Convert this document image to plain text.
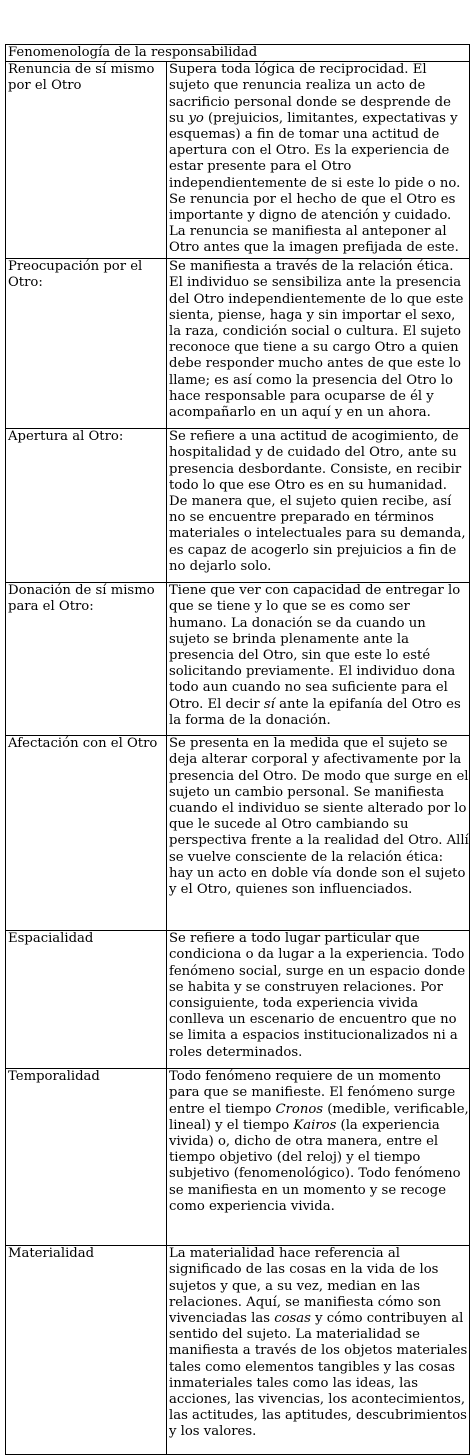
Fenomenología de la responsabilidad	
Renuncia de sí mismo por el Otro	Supera toda lógica de reciprocidad. El sujeto que renuncia realiza un acto de sacrificio personal donde se desprende de su yo (prejuicios, limitantes, expectativas y esquemas) a fin de tomar una actitud de apertura con el Otro. Es la experiencia de estar presente para el Otro independientemente de si este lo pide o no. Se renuncia por el hecho de que el Otro es importante y digno de atención y cuidado. La renuncia se manifiesta al anteponer al Otro antes que la imagen prefijada de este.
Preocupación por el Otro:	Se manifiesta a través de la relación ética. El individuo se sensibiliza ante la presencia del Otro independientemente de lo que este sienta, piense, haga y sin importar el sexo, la raza, condición social o cultura. El sujeto reconoce que tiene a su cargo Otro a quien debe responder mucho antes de que este lo llame; es así como la presencia del Otro lo hace responsable para ocuparse de él y acompañarlo en un aquí y en un ahora.
Apertura al Otro:	Se refiere a una actitud de acogimiento, de hospitalidad y de cuidado del Otro, ante su presencia desbordante. Consiste, en recibir todo lo que ese Otro es en su humanidad. De manera que, el sujeto quien recibe, así no se encuentre preparado en términos materiales o intelectuales para su demanda, es capaz de acogerlo sin prejuicios a fin de no dejarlo solo.
Donación de sí mismo para el Otro:	Tiene que ver con capacidad de entregar lo que se tiene y lo que se es como ser humano. La donación se da cuando un sujeto se brinda plenamente ante la presencia del Otro, sin que este lo esté solicitando previamente. El individuo dona todo aun cuando no sea suficiente para el Otro. El decir sí ante la epifanía del Otro es la forma de la donación.
Afectación con el Otro	Se presenta en la medida que el sujeto se deja alterar corporal y afectivamente por la presencia del Otro. De modo que surge en el sujeto un cambio personal. Se manifiesta cuando el individuo se siente alterado por lo que le sucede al Otro cambiando su perspectiva frente a la realidad del Otro. Allí se vuelve consciente de la relación ética: hay un acto en doble vía donde son el sujeto y el Otro, quienes son influenciados.
Espacialidad	Se refiere a todo lugar particular que condiciona o da lugar a la experiencia. Todo fenómeno social, surge en un espacio donde se habita y se construyen relaciones. Por consiguiente, toda experiencia vivida conlleva un escenario de encuentro que no se limita a espacios institucionalizados ni a roles determinados.
Temporalidad	Todo fenómeno requiere de un momento para que se manifieste. El fenómeno surge entre el tiempo Cronos (medible, verificable, lineal) y el tiempo Kairos (la experiencia vivida) o, dicho de otra manera, entre el tiempo objetivo (del reloj) y el tiempo subjetivo (fenomenológico). Todo fenómeno se manifiesta en un momento y se recoge como experiencia vivida.
Materialidad	La materialidad hace referencia al significado de las cosas en la vida de los sujetos y que, a su vez, median en las relaciones. Aquí, se manifiesta cómo son vivenciadas las cosas y cómo contribuyen al sentido del sujeto. La materialidad se manifiesta a través de los objetos materiales tales como elementos tangibles y las cosas inmateriales tales como las ideas, las acciones, las vivencias, los acontecimientos, las actitudes, las aptitudes, descubrimientos y los valores.
